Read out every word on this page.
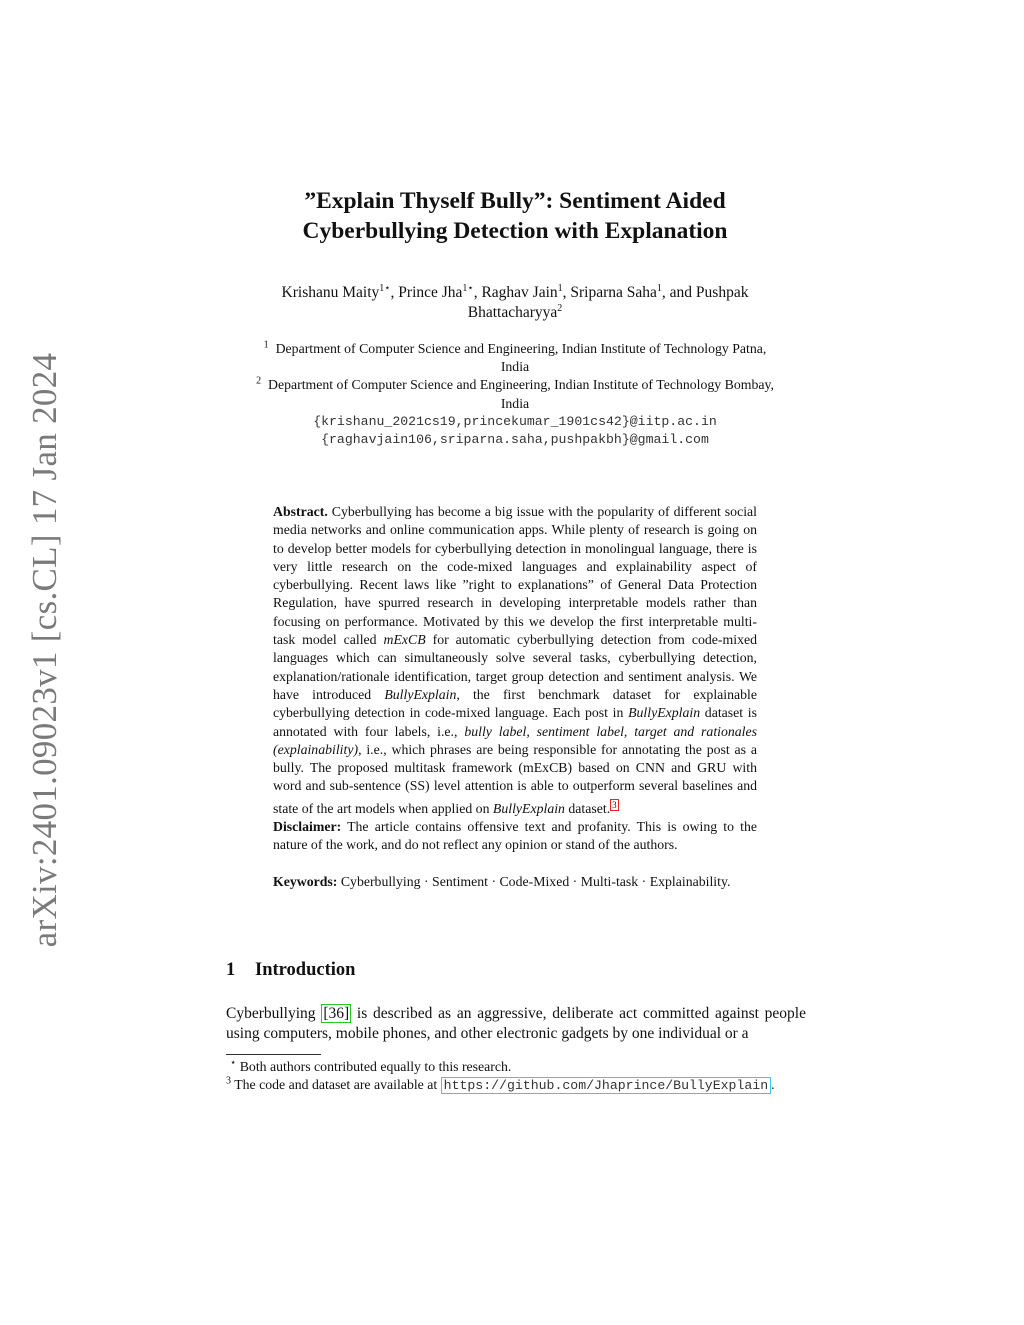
arXiv:2401.09023v1 [cs.CL] 17 Jan 2024
”Explain Thyself Bully”: Sentiment Aided
Cyberbullying Detection with Explanation
Krishanu Maity$^{1⋆}$, Prince Jha$^{1⋆}$, Raghav Jain$^1$, Sriparna Saha$^1$, and Pushpak
Bhattacharyya$^2$
$^1$ Department of Computer Science and Engineering, Indian Institute of Technology Patna,
India
$^2$ Department of Computer Science and Engineering, Indian Institute of Technology Bombay,
India
{krishanu_2021cs19,princekumar_1901cs42}@iitp.ac.in
{raghavjain106,sriparna.saha,pushpakbh}@gmail.com

Abstract. Cyberbullying has become a big issue with the popularity of different social media networks and online communication apps. While plenty of research is going on to develop better models for cyberbullying detection in monolingual language, there is very little research on the code-mixed languages and explainability aspect of cyberbullying. Recent laws like ”right to explanations” of General Data Protection Regulation, have spurred research in developing interpretable models rather than focusing on performance. Motivated by this we develop the first interpretable multi-task model called mExCB for automatic cyberbullying detection from code-mixed languages which can simultaneously solve several tasks, cyberbullying detection, explanation/rationale identification, target group detection and sentiment analysis. We have introduced BullyExplain, the first benchmark dataset for explainable cyberbullying detection in code-mixed language. Each post in BullyExplain dataset is annotated with four labels, i.e., bully label, sentiment label, target and rationales (explainability), i.e., which phrases are being responsible for annotating the post as a bully. The proposed multitask framework (mExCB) based on CNN and GRU with word and sub-sentence (SS) level attention is able to outperform several baselines and state of the art models when applied on BullyExplain dataset. $^3$

Disclaimer: The article contains offensive text and profanity. This is owing to the nature of the work, and do not reflect any opinion or stand of the authors.

Keywords: Cyberbullying · Sentiment · Code-Mixed · Multi-task · Explainability.

1 Introduction

Cyberbullying [36] is described as an aggressive, deliberate act committed against people using computers, mobile phones, and other electronic gadgets by one individual or a

⋆ Both authors contributed equally to this research.

$^3$ The code and dataset are available at https://github.com/Jhaprince/BullyExplain .
